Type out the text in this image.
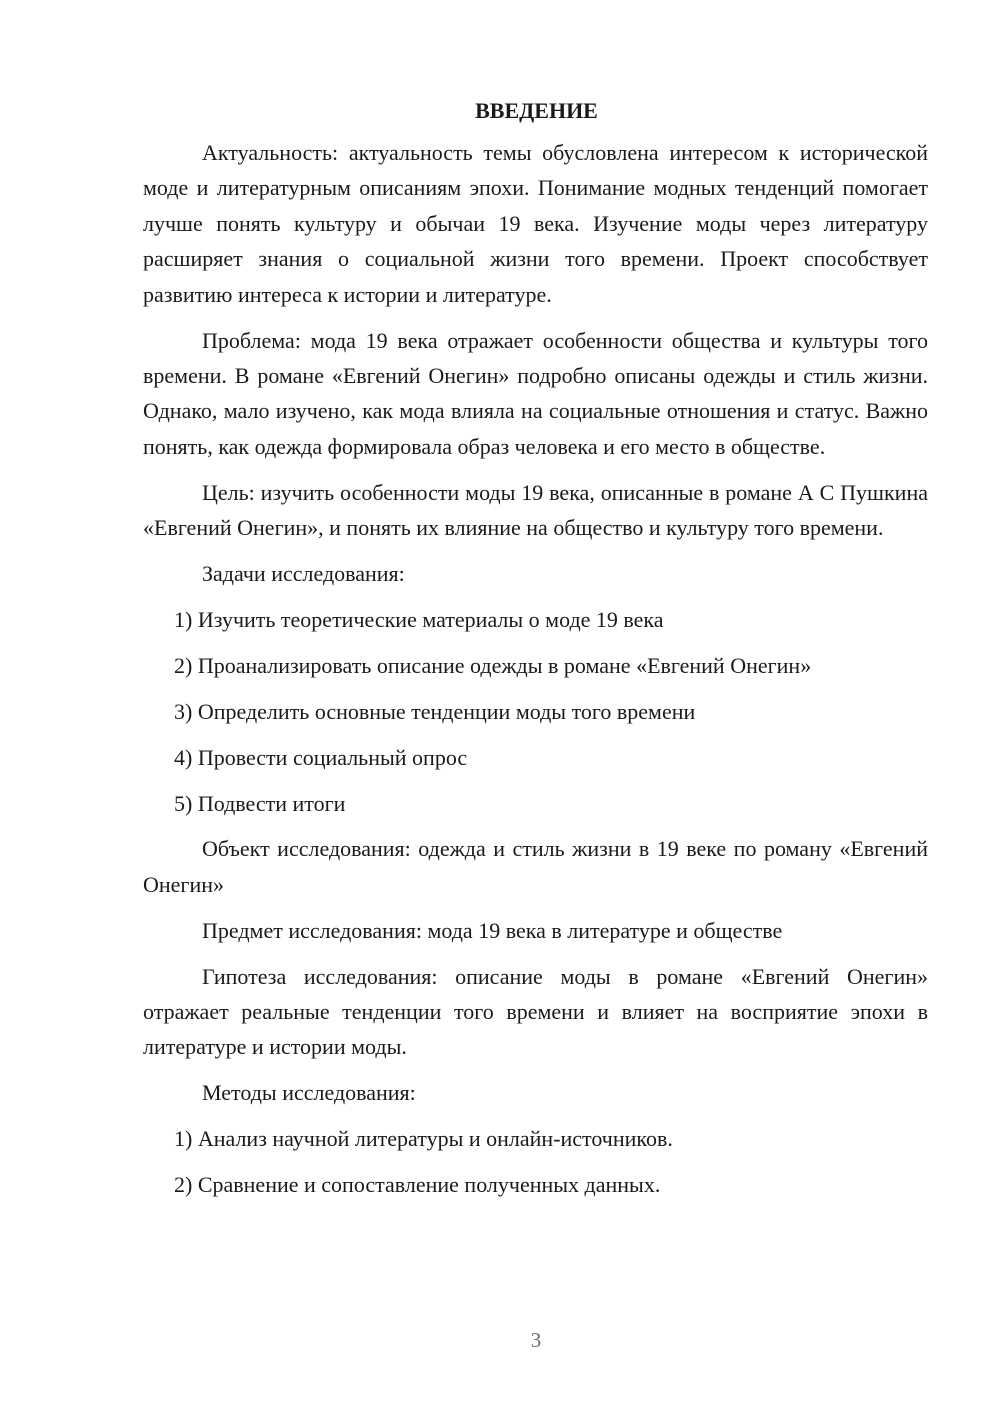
ВВЕДЕНИЕ

Актуальность: актуальность темы обусловлена интересом к исторической моде и литературным описаниям эпохи. Понимание модных тенденций помогает лучше понять культуру и обычаи 19 века. Изучение моды через литературу расширяет знания о социальной жизни того времени. Проект способствует развитию интереса к истории и литературе.

Проблема: мода 19 века отражает особенности общества и культуры того времени. В романе «Евгений Онегин» подробно описаны одежды и стиль жизни. Однако, мало изучено, как мода влияла на социальные отношения и статус. Важно понять, как одежда формировала образ человека и его место в обществе.

Цель: изучить особенности моды 19 века, описанные в романе А С Пушкина «Евгений Онегин», и понять их влияние на общество и культуру того времени.

Задачи исследования:

1) Изучить теоретические материалы о моде 19 века

2) Проанализировать описание одежды в романе «Евгений Онегин»

3) Определить основные тенденции моды того времени

4) Провести социальный опрос

5) Подвести итоги

Объект исследования: одежда и стиль жизни в 19 веке по роману «Евгений Онегин»

Предмет исследования: мода 19 века в литературе и обществе

Гипотеза исследования: описание моды в романе «Евгений Онегин» отражает реальные тенденции того времени и влияет на восприятие эпохи в литературе и истории моды.

Методы исследования:

1) Анализ научной литературы и онлайн-источников.

2) Сравнение и сопоставление полученных данных.

3
